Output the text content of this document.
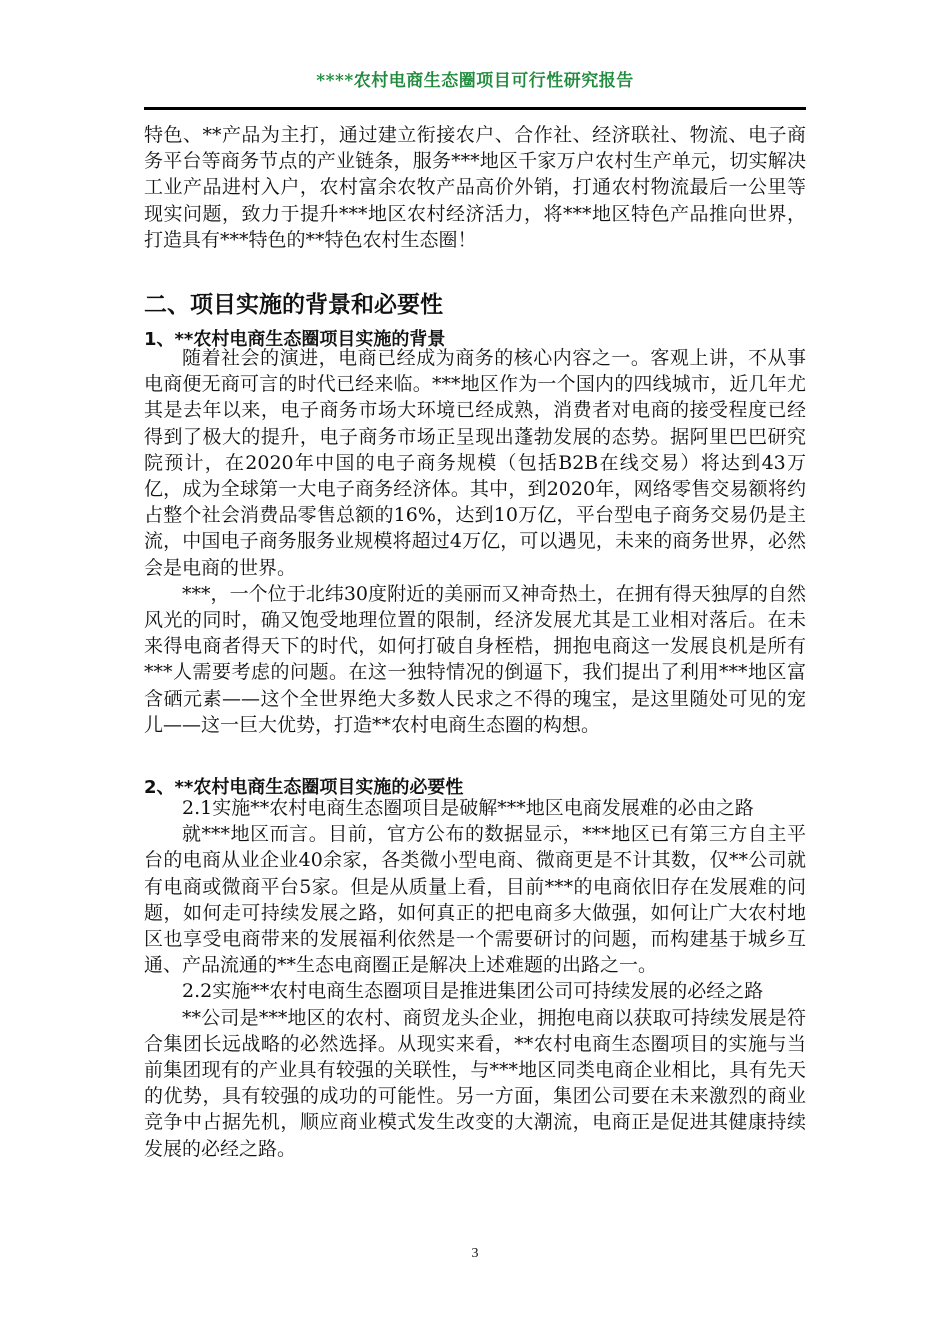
****农村电商生态圈项目可行性研究报告

特色、**产品为主打，通过建立衔接农户、合作社、经济联社、物流、电子商务平台等商务节点的产业链条，服务***地区千家万户农村生产单元，切实解决工业产品进村入户，农村富余农牧产品高价外销，打通农村物流最后一公里等现实问题，致力于提升***地区农村经济活力，将***地区特色产品推向世界，打造具有***特色的**特色农村生态圈！

二、项目实施的背景和必要性
1、**农村电商生态圈项目实施的背景

随着社会的演进，电商已经成为商务的核心内容之一。客观上讲，不从事电商便无商可言的时代已经来临。***地区作为一个国内的四线城市，近几年尤其是去年以来，电子商务市场大环境已经成熟，消费者对电商的接受程度已经得到了极大的提升，电子商务市场正呈现出蓬勃发展的态势。据阿里巴巴研究院预计，在2020年中国的电子商务规模（包括B2B在线交易）将达到43万亿，成为全球第一大电子商务经济体。其中，到2020年，网络零售交易额将约占整个社会消费品零售总额的16%，达到10万亿，平台型电子商务交易仍是主流，中国电子商务服务业规模将超过4万亿，可以遇见，未来的商务世界，必然会是电商的世界。

***，一个位于北纬30度附近的美丽而又神奇热土，在拥有得天独厚的自然风光的同时，确又饱受地理位置的限制，经济发展尤其是工业相对落后。在未来得电商者得天下的时代，如何打破自身桎梏，拥抱电商这一发展良机是所有***人需要考虑的问题。在这一独特情况的倒逼下，我们提出了利用***地区富含硒元素——这个全世界绝大多数人民求之不得的瑰宝，是这里随处可见的宠儿——这一巨大优势，打造**农村电商生态圈的构想。

2、**农村电商生态圈项目实施的必要性

2.1实施**农村电商生态圈项目是破解***地区电商发展难的必由之路

就***地区而言。目前，官方公布的数据显示，***地区已有第三方自主平台的电商从业企业40余家，各类微小型电商、微商更是不计其数，仅**公司就有电商或微商平台5家。但是从质量上看，目前***的电商依旧存在发展难的问题，如何走可持续发展之路，如何真正的把电商多大做强，如何让广大农村地区也享受电商带来的发展福利依然是一个需要研讨的问题，而构建基于城乡互通、产品流通的**生态电商圈正是解决上述难题的出路之一。

2.2实施**农村电商生态圈项目是推进集团公司可持续发展的必经之路

**公司是***地区的农村、商贸龙头企业，拥抱电商以获取可持续发展是符合集团长远战略的必然选择。从现实来看，**农村电商生态圈项目的实施与当前集团现有的产业具有较强的关联性，与***地区同类电商企业相比，具有先天的优势，具有较强的成功的可能性。另一方面，集团公司要在未来激烈的商业竞争中占据先机，顺应商业模式发生改变的大潮流，电商正是促进其健康持续发展的必经之路。

3
